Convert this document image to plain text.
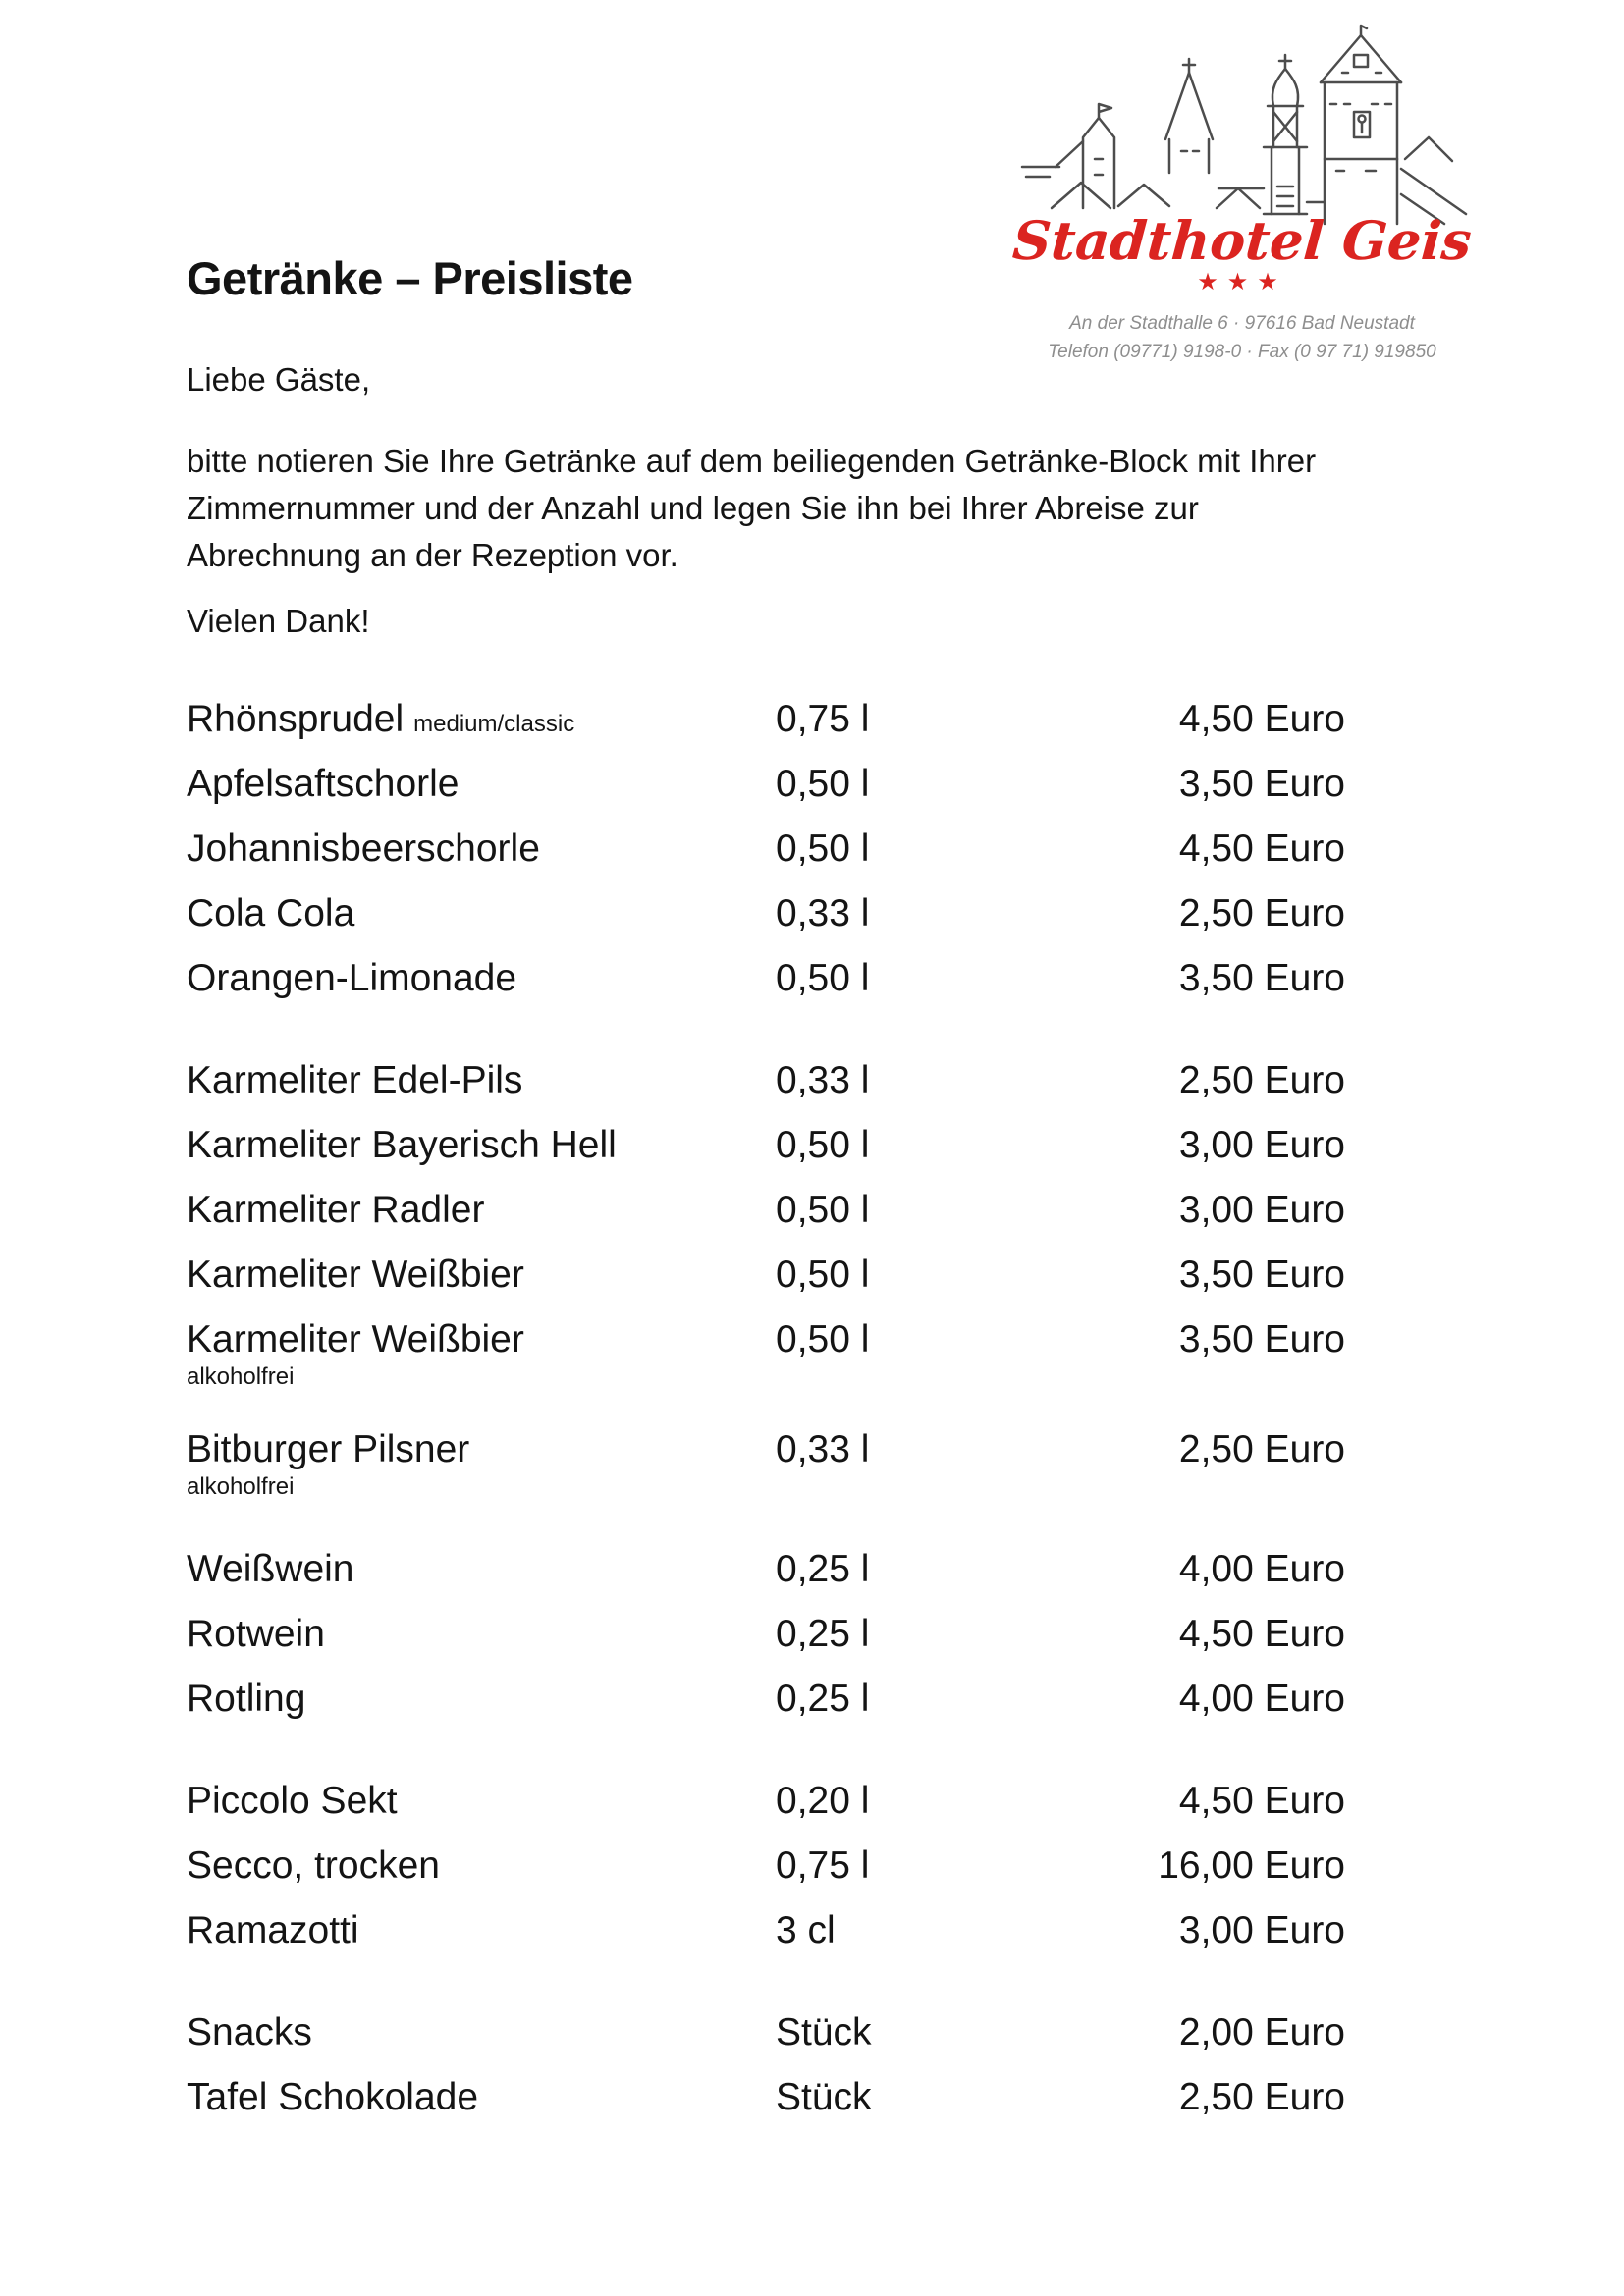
Stadthotel Geis
★★★
An der Stadthalle 6 · 97616 Bad Neustadt
Telefon (09771) 9198-0 · Fax (0 97 71) 919850
Getränke – Preisliste
Liebe Gäste,
bitte notieren Sie Ihre Getränke auf dem beiliegenden Getränke-Block mit Ihrer
Zimmernummer und der Anzahl und legen Sie ihn bei Ihrer Abreise zur
Abrechnung an der Rezeption vor.
Vielen Dank!
Rhönsprudel medium/classic	0,75 l	4,50 Euro
Apfelsaftschorle	0,50 l	3,50 Euro
Johannisbeerschorle	0,50 l	4,50 Euro
Cola Cola	0,33 l	2,50 Euro
Orangen-Limonade	0,50 l	3,50 Euro
Karmeliter Edel-Pils	0,33 l	2,50 Euro
Karmeliter Bayerisch Hell	0,50 l	3,00 Euro
Karmeliter Radler	0,50 l	3,00 Euro
Karmeliter Weißbier	0,50 l	3,50 Euro
Karmeliter Weißbier	0,50 l	3,50 Euro
alkoholfrei
Bitburger Pilsner	0,33 l	2,50 Euro
alkoholfrei
Weißwein	0,25 l	4,00 Euro
Rotwein	0,25 l	4,50 Euro
Rotling	0,25 l	4,00 Euro
Piccolo Sekt	0,20 l	4,50 Euro
Secco, trocken	0,75 l	16,00 Euro
Ramazotti	3 cl	3,00 Euro
Snacks	Stück	2,00 Euro
Tafel Schokolade	Stück	2,50 Euro
